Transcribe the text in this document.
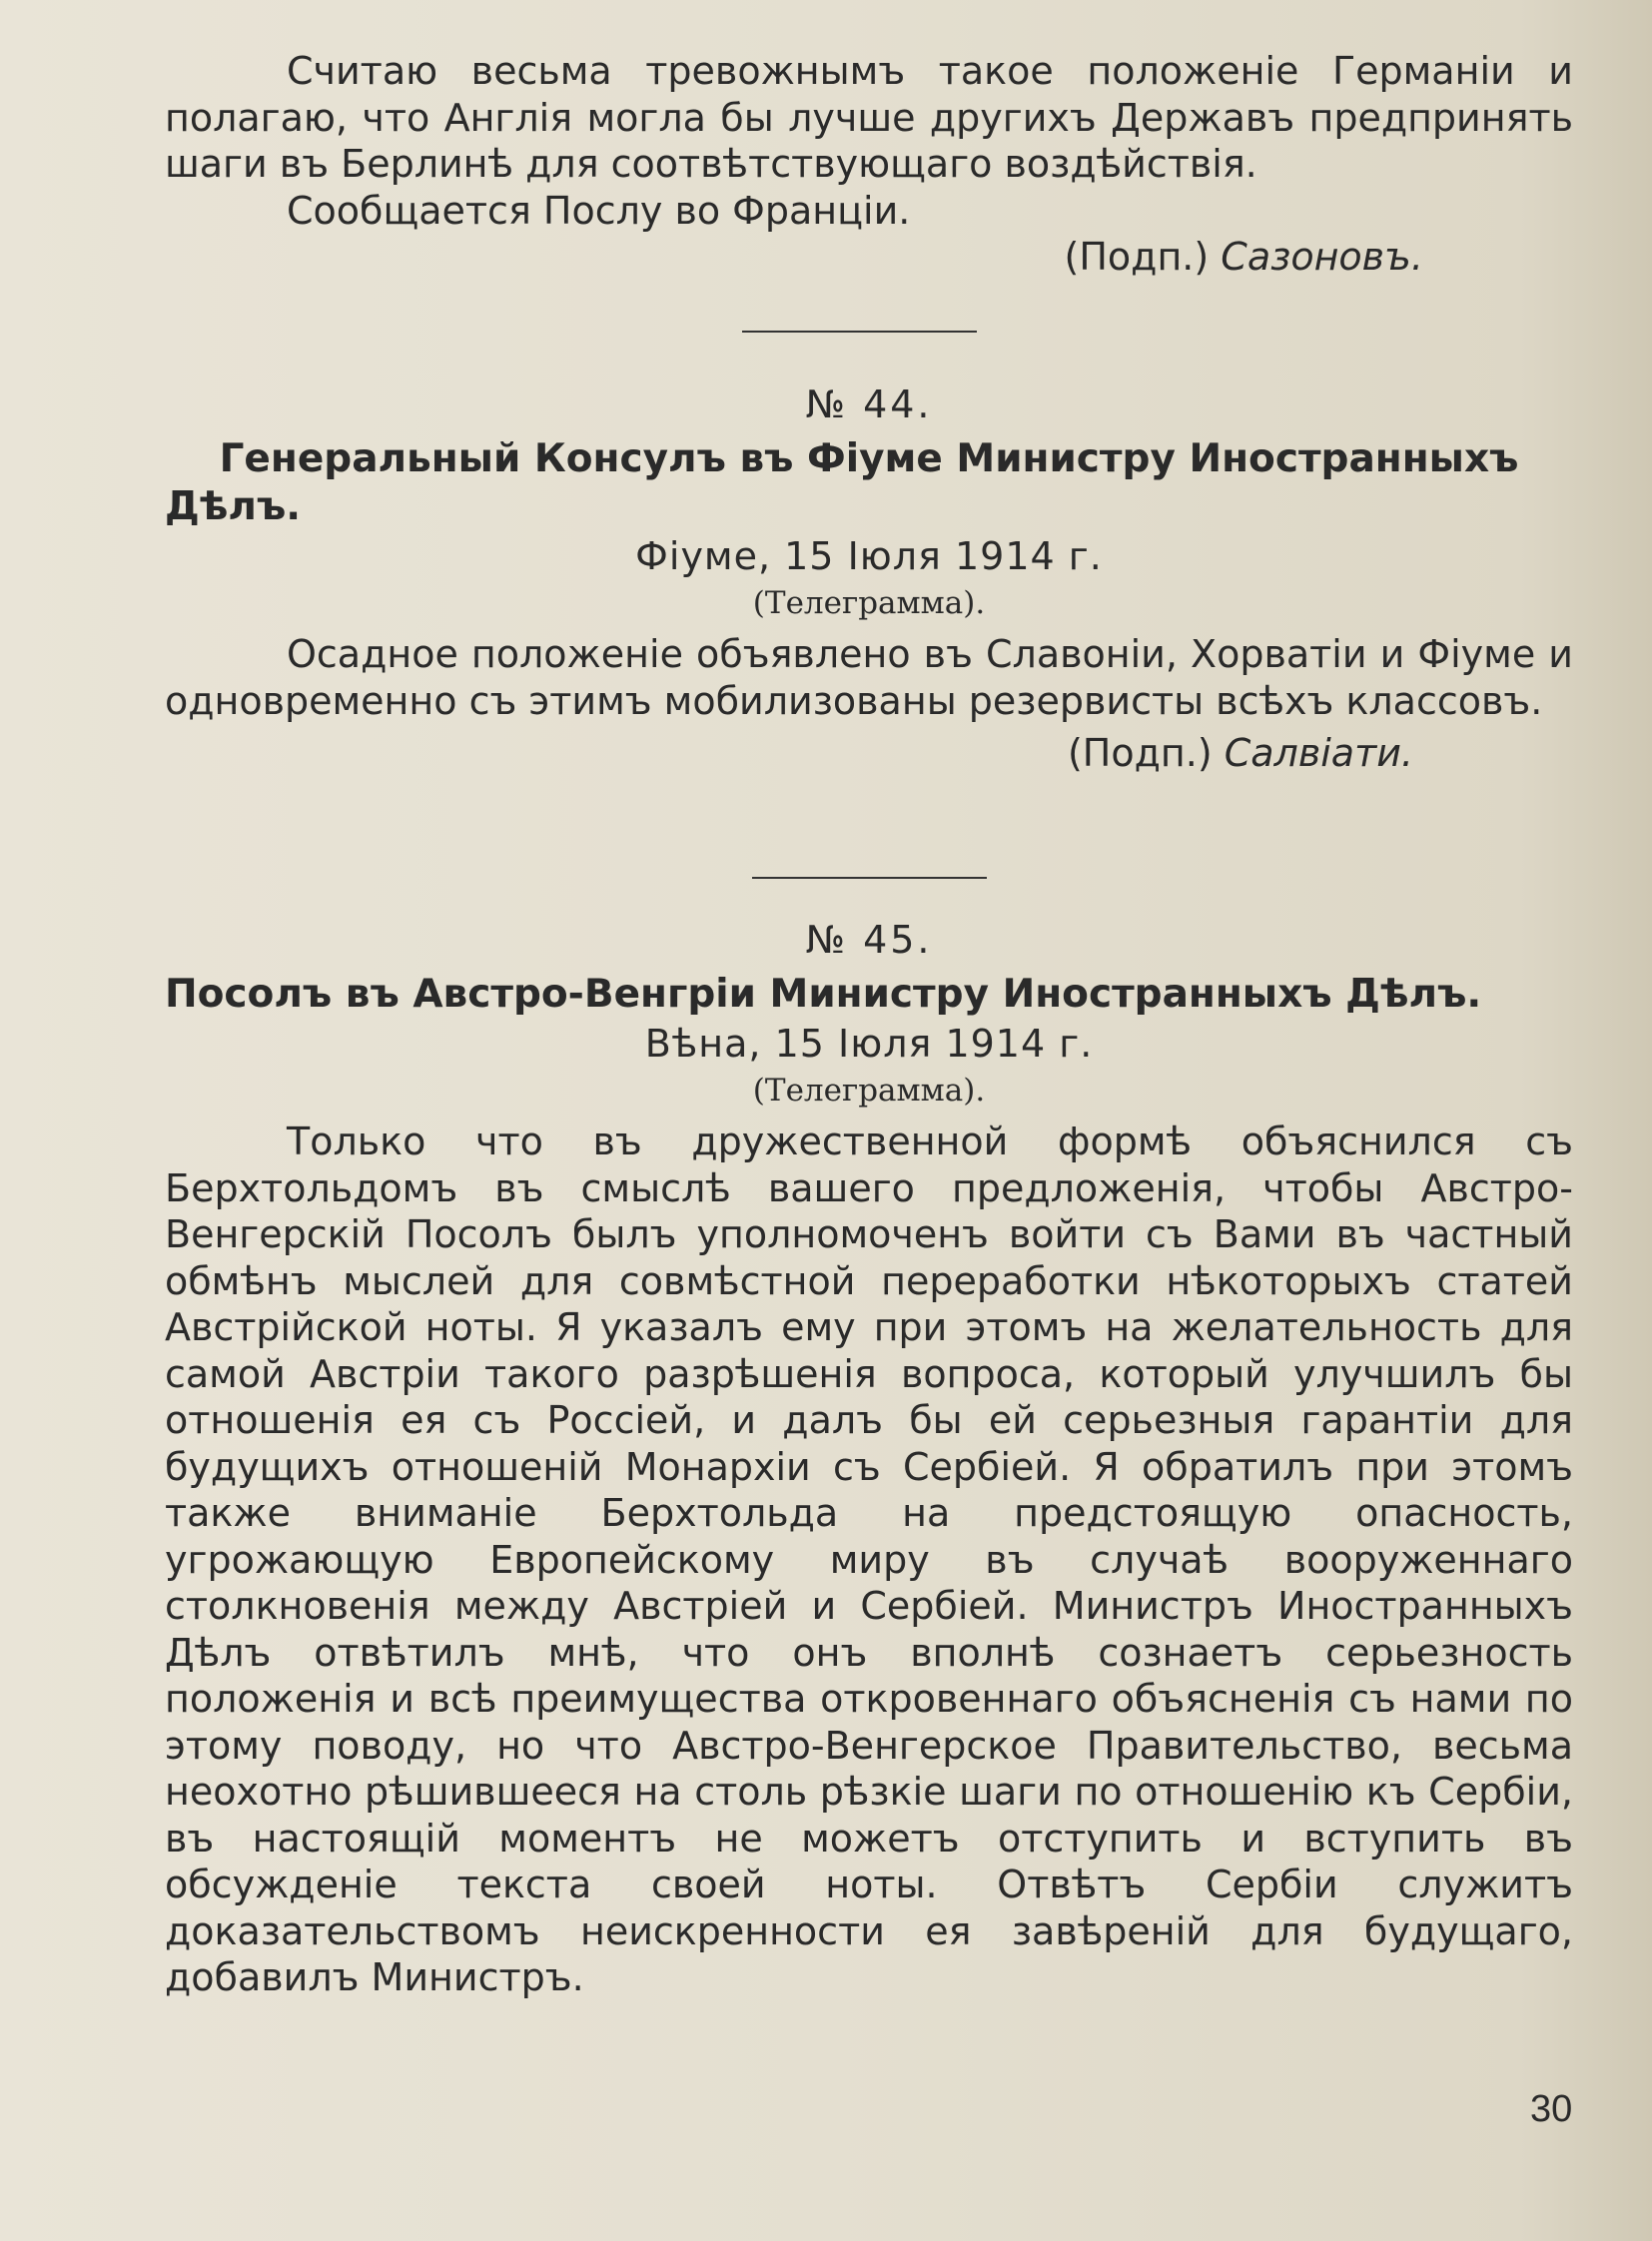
Считаю весьма тревожнымъ такое положенiе Германiи и полагаю, что Англiя могла бы лучше другихъ Державъ предпринять шаги въ Берлинѣ для соотвѣтствующаго воздѣйствiя.

Сообщается Послу во Францiи.

(Подп.) Сазоновъ.
№ 44.

Генеральный Консулъ въ Фiуме Министру Иностранныхъ Дѣлъ.

Фiуме, 15 Iюля 1914 г.
(Телеграмма).

Осадное положенiе объявлено въ Славонiи, Хорватiи и Фiуме и одновременно съ этимъ мобилизованы резервисты всѣхъ классовъ.

(Подп.) Салвiати.
№ 45.

Посолъ въ Австро-Венгрiи Министру Иностранныхъ Дѣлъ.

Вѣна, 15 Iюля 1914 г.
(Телеграмма).

Только что въ дружественной формѣ объяснился съ Берхтольдомъ въ смыслѣ вашего предложенiя, чтобы Австро-Венгерскiй Посолъ былъ уполномоченъ войти съ Вами въ частный обмѣнъ мыслей для совмѣстной переработки нѣкоторыхъ статей Австрiйской ноты. Я указалъ ему при этомъ на желательность для самой Австрiи такого разрѣшенiя вопроса, который улучшилъ бы отношенiя ея съ Россiей, и далъ бы ей серьезныя гарантiи для будущихъ отношенiй Монархiи съ Сербiей. Я обратилъ при этомъ также вниманiе Берхтольда на предстоящую опасность, угрожающую Европейскому миру въ случаѣ вооруженнаго столкновенiя между Австрiей и Сербiей. Министръ Иностранныхъ Дѣлъ отвѣтилъ мнѣ, что онъ вполнѣ сознаетъ серьезность положенiя и всѣ преимущества откровеннаго объясненiя съ нами по этому поводу, но что Австро-Венгерское Правительство, весьма неохотно рѣшившееся на столь рѣзкiе шаги по отношенiю къ Сербiи, въ настоящiй моментъ не можетъ отступить и вступить въ обсужденiе текста своей ноты. Отвѣтъ Сербiи служитъ доказательствомъ неискренности ея завѣренiй для будущаго, добавилъ Министръ.

30
